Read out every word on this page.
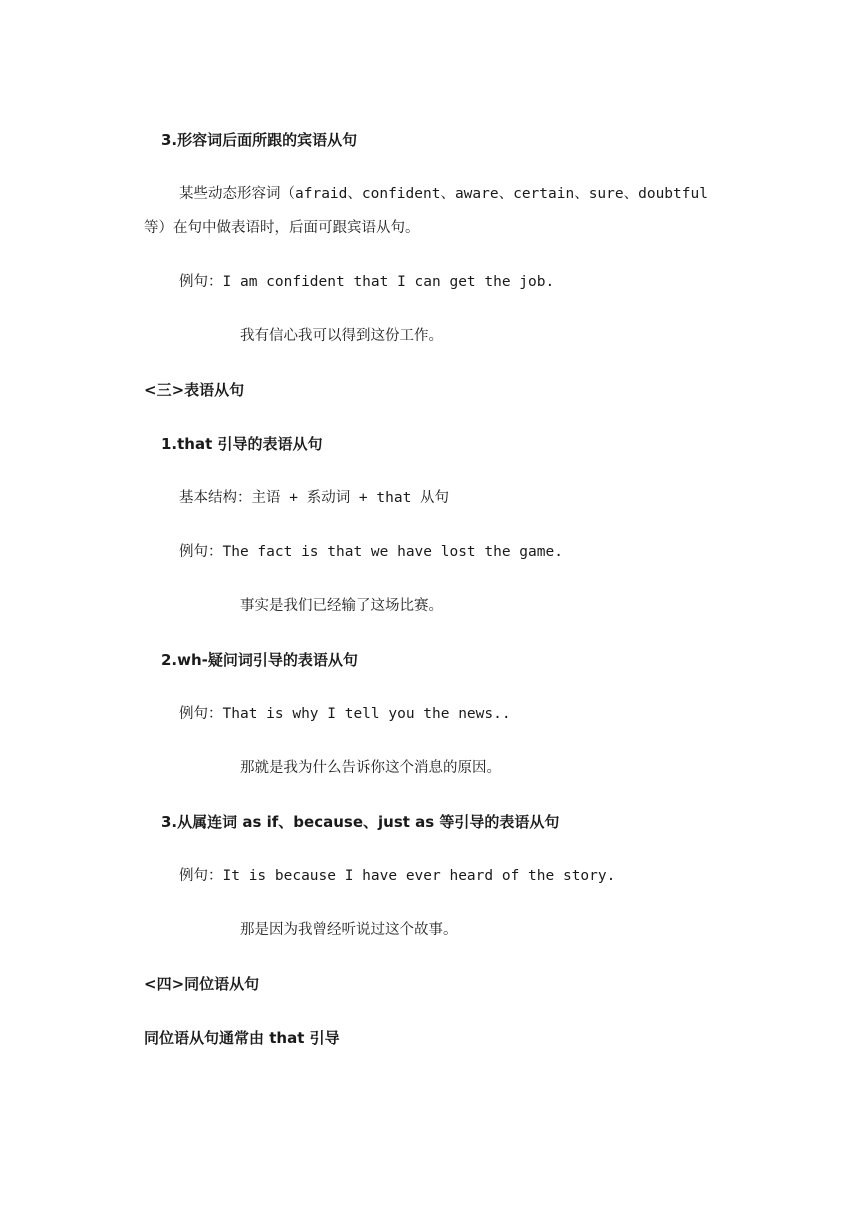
3.形容词后面所跟的宾语从句
某些动态形容词（afraid、confident、aware、certain、sure、doubtful
等）在句中做表语时，后面可跟宾语从句。
例句：I am confident that I can get the job.
我有信心我可以得到这份工作。
<三>表语从句
1.that 引导的表语从句
基本结构：主语 + 系动词 + that 从句
例句：The fact is that we have lost the game.
事实是我们已经输了这场比赛。
2.wh-疑问词引导的表语从句
例句：That is why I tell you the news..
那就是我为什么告诉你这个消息的原因。
3.从属连词 as if、because、just as 等引导的表语从句
例句：It is because I have ever heard of the story.
那是因为我曾经听说过这个故事。
<四>同位语从句
同位语从句通常由 that 引导
